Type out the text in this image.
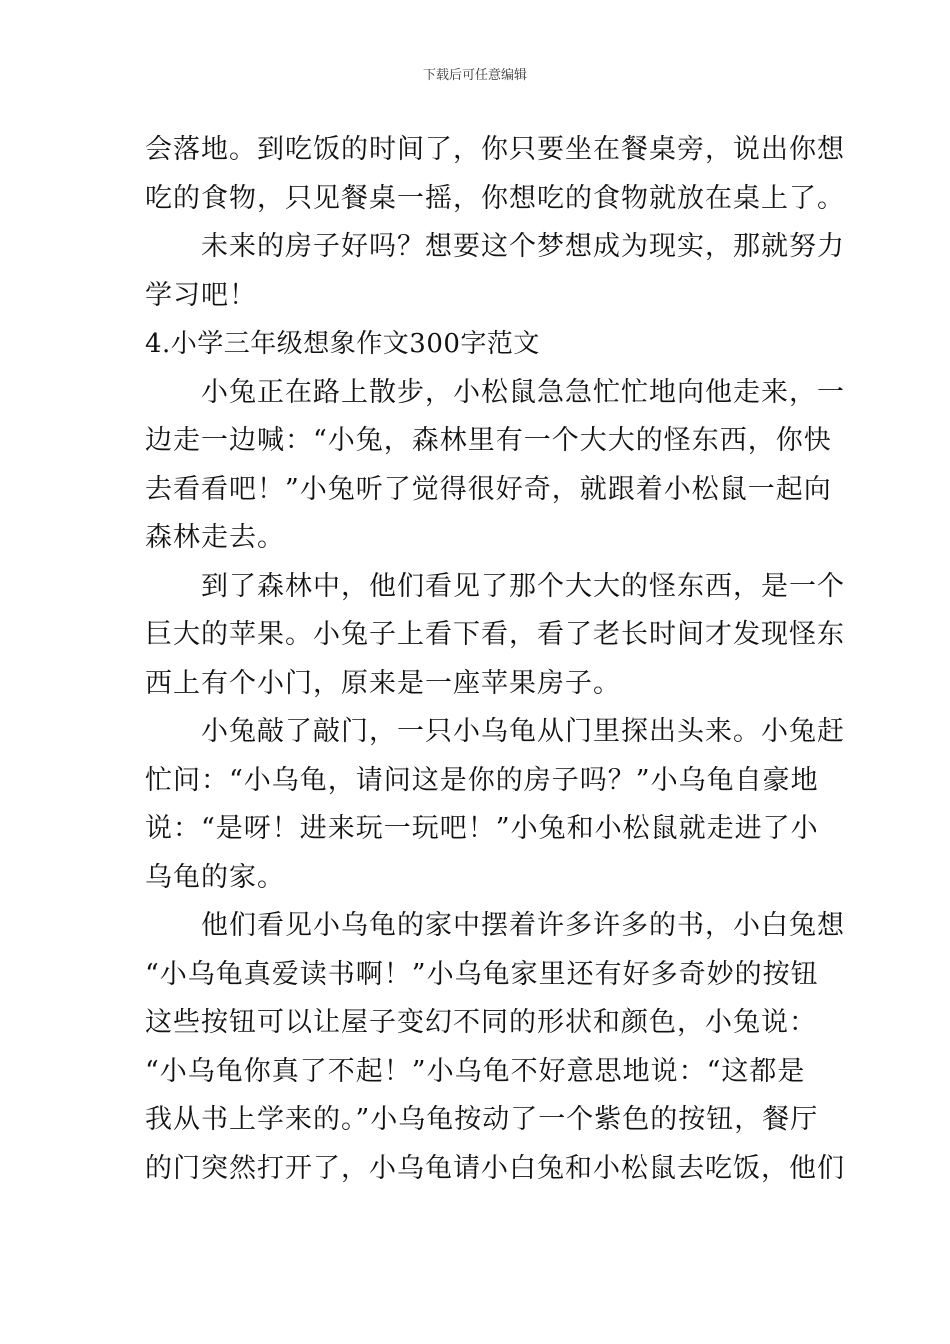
下载后可任意编辑
会落地。到吃饭的时间了，你只要坐在餐桌旁，说出你想
吃的食物，只见餐桌一摇，你想吃的食物就放在桌上了。
未来的房子好吗？想要这个梦想成为现实，那就努力
学习吧！
4.小学三年级想象作文300字范文
小兔正在路上散步，小松鼠急急忙忙地向他走来，一
边走一边喊：“小兔，森林里有一个大大的怪东西，你快
去看看吧！”小兔听了觉得很好奇，就跟着小松鼠一起向
森林走去。
到了森林中，他们看见了那个大大的怪东西，是一个
巨大的苹果。小兔子上看下看，看了老长时间才发现怪东
西上有个小门，原来是一座苹果房子。
小兔敲了敲门，一只小乌龟从门里探出头来。小兔赶
忙问：“小乌龟，请问这是你的房子吗？”小乌龟自豪地
说：“是呀！进来玩一玩吧！”小兔和小松鼠就走进了小
乌龟的家。
他们看见小乌龟的家中摆着许多许多的书，小白兔想
“小乌龟真爱读书啊！”小乌龟家里还有好多奇妙的按钮
这些按钮可以让屋子变幻不同的形状和颜色，小兔说：
“小乌龟你真了不起！”小乌龟不好意思地说：“这都是
我从书上学来的。”小乌龟按动了一个紫色的按钮，餐厅
的门突然打开了，小乌龟请小白兔和小松鼠去吃饭，他们
